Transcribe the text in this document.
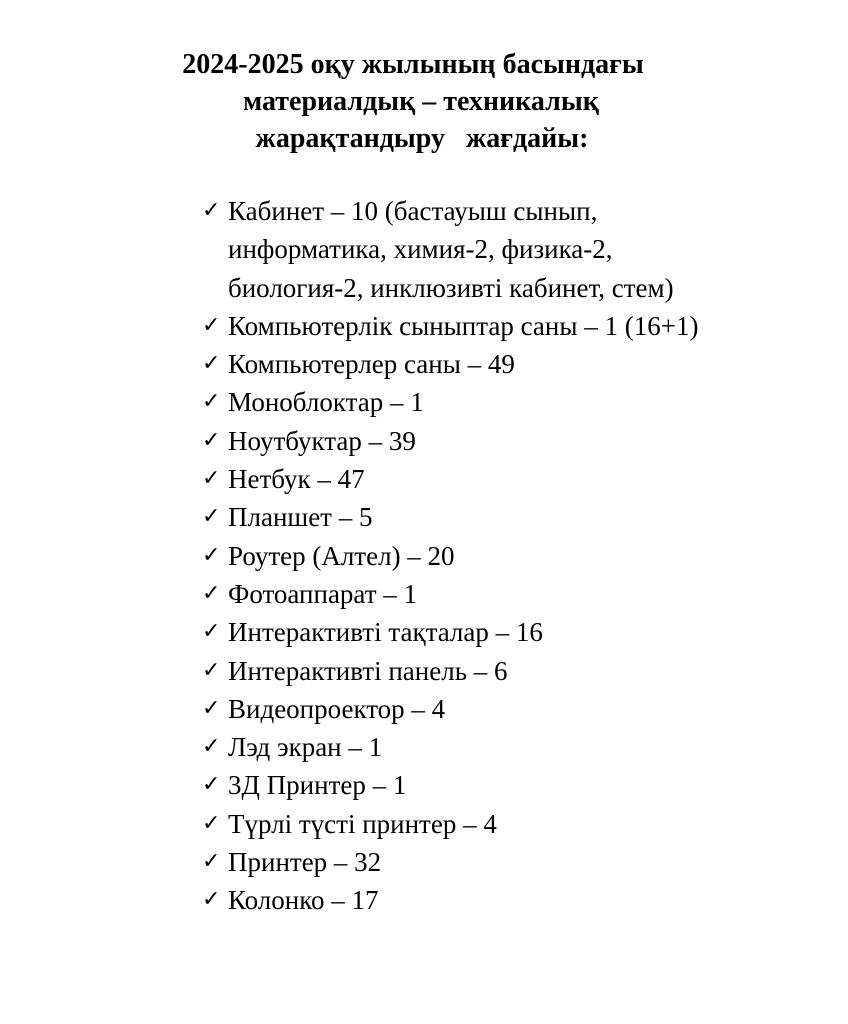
2024-2025 оқу жылының басындағы
материалдық – техникалық
жарақтандыру   жағдайы:
✓ Кабинет – 10 (бастауыш сынып,
информатика, химия-2, физика-2,
биология-2, инклюзивті кабинет, стем)
✓ Компьютерлік сыныптар саны – 1 (16+1)
✓ Компьютерлер саны – 49
✓ Моноблоктар – 1
✓ Ноутбуктар – 39
✓ Нетбук – 47
✓ Планшет – 5
✓ Роутер (Алтел) – 20
✓ Фотоаппарат – 1
✓ Интерактивті тақталар – 16
✓ Интерактивті панель – 6
✓ Видеопроектор – 4
✓ Лэд экран – 1
✓ 3Д Принтер – 1
✓ Түрлі түсті принтер – 4
✓ Принтер – 32
✓ Колонко – 17
